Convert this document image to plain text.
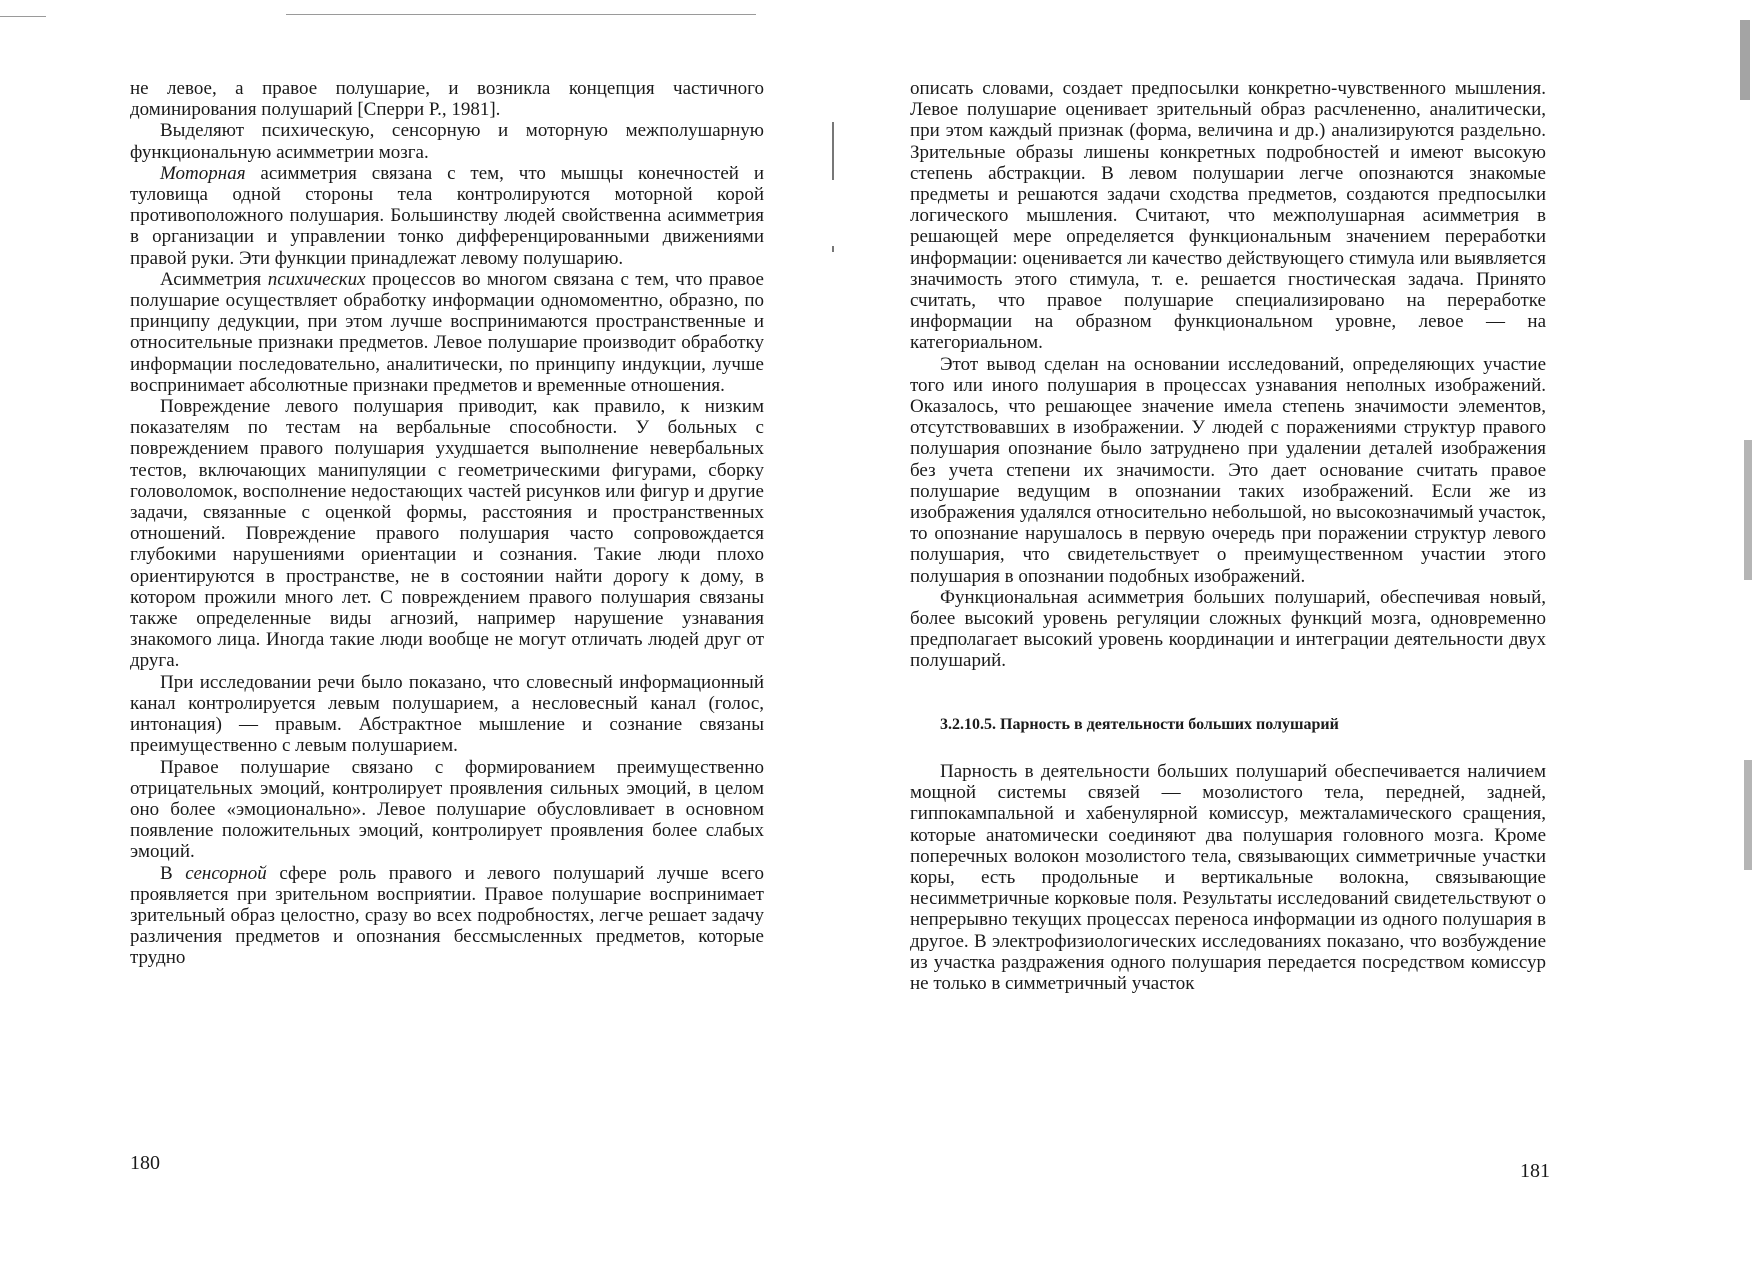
не левое, а правое полушарие, и возникла концепция частичного доминирования полушарий [Сперри Р., 1981].

Выделяют психическую, сенсорную и моторную межполушарную функциональную асимметрии мозга.

Моторная асимметрия связана с тем, что мышцы конечностей и туловища одной стороны тела контролируются моторной корой противоположного полушария. Большинству людей свойственна асимметрия в организации и управлении тонко дифференцированными движениями правой руки. Эти функции принадлежат левому полушарию.

Асимметрия психических процессов во многом связана с тем, что правое полушарие осуществляет обработку информации одномоментно, образно, по принципу дедукции, при этом лучше воспринимаются пространственные и относительные признаки предметов. Левое полушарие производит обработку информации последовательно, аналитически, по принципу индукции, лучше воспринимает абсолютные признаки предметов и временные отношения.

Повреждение левого полушария приводит, как правило, к низким показателям по тестам на вербальные способности. У больных с повреждением правого полушария ухудшается выполнение невербальных тестов, включающих манипуляции с геометрическими фигурами, сборку головоломок, восполнение недостающих частей рисунков или фигур и другие задачи, связанные с оценкой формы, расстояния и пространственных отношений. Повреждение правого полушария часто сопровождается глубокими нарушениями ориентации и сознания. Такие люди плохо ориентируются в пространстве, не в состоянии найти дорогу к дому, в котором прожили много лет. С повреждением правого полушария связаны также определенные виды агнозий, например нарушение узнавания знакомого лица. Иногда такие люди вообще не могут отличать людей друг от друга.

При исследовании речи было показано, что словесный информационный канал контролируется левым полушарием, а несловесный канал (голос, интонация) — правым. Абстрактное мышление и сознание связаны преимущественно с левым полушарием.

Правое полушарие связано с формированием преимущественно отрицательных эмоций, контролирует проявления сильных эмоций, в целом оно более «эмоционально». Левое полушарие обусловливает в основном появление положительных эмоций, контролирует проявления более слабых эмоций.

В сенсорной сфере роль правого и левого полушарий лучше всего проявляется при зрительном восприятии. Правое полушарие воспринимает зрительный образ целостно, сразу во всех подробностях, легче решает задачу различения предметов и опознания бессмысленных предметов, которые трудно

180

описать словами, создает предпосылки конкретно-чувственного мышления. Левое полушарие оценивает зрительный образ расчлененно, аналитически, при этом каждый признак (форма, величина и др.) анализируются раздельно. Зрительные образы лишены конкретных подробностей и имеют высокую степень абстракции. В левом полушарии легче опознаются знакомые предметы и решаются задачи сходства предметов, создаются предпосылки логического мышления. Считают, что межполушарная асимметрия в решающей мере определяется функциональным значением переработки информации: оценивается ли качество действующего стимула или выявляется значимость этого стимула, т. е. решается гностическая задача. Принято считать, что правое полушарие специализировано на переработке информации на образном функциональном уровне, левое — на категориальном.

Этот вывод сделан на основании исследований, определяющих участие того или иного полушария в процессах узнавания неполных изображений. Оказалось, что решающее значение имела степень значимости элементов, отсутствовавших в изображении. У людей с поражениями структур правого полушария опознание было затруднено при удалении деталей изображения без учета степени их значимости. Это дает основание считать правое полушарие ведущим в опознании таких изображений. Если же из изображения удалялся относительно небольшой, но высокозначимый участок, то опознание нарушалось в первую очередь при поражении структур левого полушария, что свидетельствует о преимущественном участии этого полушария в опознании подобных изображений.

Функциональная асимметрия больших полушарий, обеспечивая новый, более высокий уровень регуляции сложных функций мозга, одновременно предполагает высокий уровень координации и интеграции деятельности двух полушарий.

3.2.10.5. Парность в деятельности больших полушарий

Парность в деятельности больших полушарий обеспечивается наличием мощной системы связей — мозолистого тела, передней, задней, гиппокампальной и хабенулярной комиссур, межталамического сращения, которые анатомически соединяют два полушария головного мозга. Кроме поперечных волокон мозолистого тела, связывающих симметричные участки коры, есть продольные и вертикальные волокна, связывающие несимметричные корковые поля. Результаты исследований свидетельствуют о непрерывно текущих процессах переноса информации из одного полушария в другое. В электрофизиологических исследованиях показано, что возбуждение из участка раздражения одного полушария передается посредством комиссур не только в симметричный участок

181
